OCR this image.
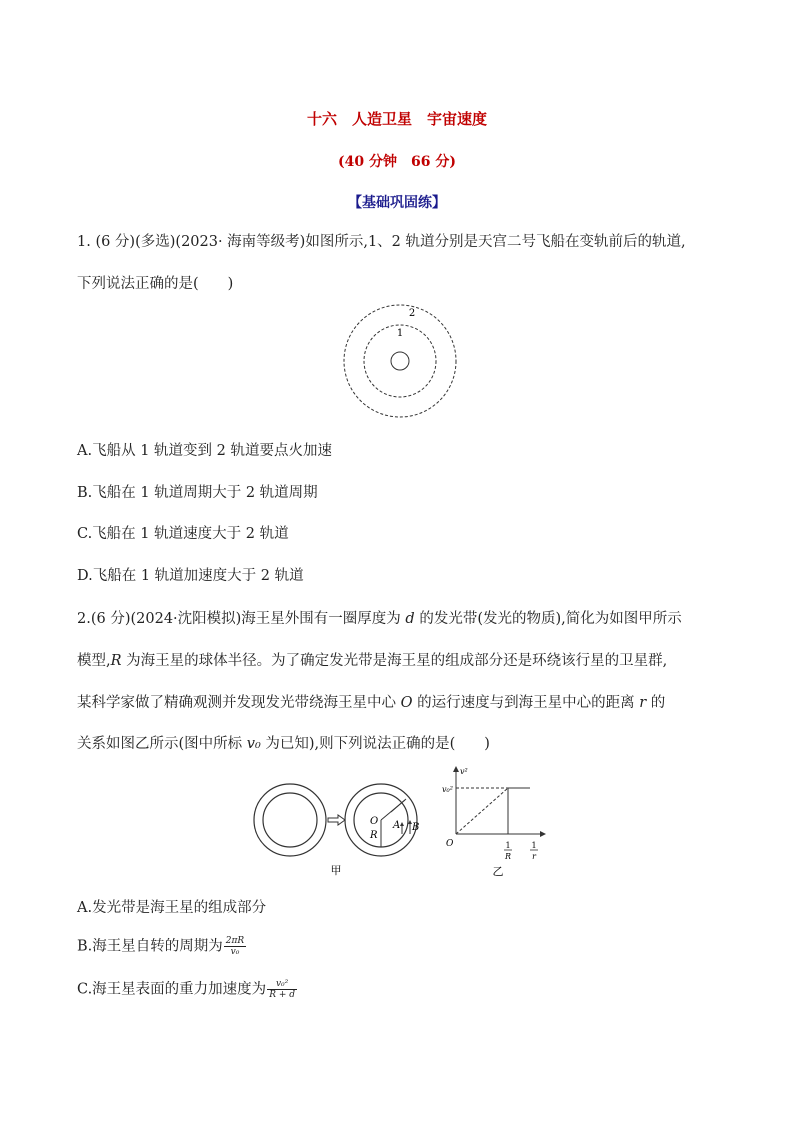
十六　人造卫星　宇宙速度
(40 分钟　66 分)
【基础巩固练】
1. (6 分)(多选)(2023· 海南等级考)如图所示,1、2 轨道分别是天宫二号飞船在变轨前后的轨道,
下列说法正确的是(　　)
1
2
A.飞船从 1 轨道变到 2 轨道要点火加速
B.飞船在 1 轨道周期大于 2 轨道周期
C.飞船在 1 轨道速度大于 2 轨道
D.飞船在 1 轨道加速度大于 2 轨道
2.(6 分)(2024·沈阳模拟)海王星外围有一圈厚度为 d 的发光带(发光的物质),简化为如图甲所示
模型,R 为海王星的球体半径。为了确定发光带是海王星的组成部分还是环绕该行星的卫星群,
某科学家做了精确观测并发现发光带绕海王星中心 O 的运行速度与到海王星中心的距离 r 的
关系如图乙所示(图中所标 v₀ 为已知),则下列说法正确的是(　　)
O
R
A B
甲
v²
v₀²
O	1
R
1
r
乙
A.发光带是海王星的组成部分
B.海王星自转的周期为 $\frac{2\pi R}{\text{v₀}}$
C.海王星表面的重力加速度为 $\frac{\text{v₀²}}{R + d}$
